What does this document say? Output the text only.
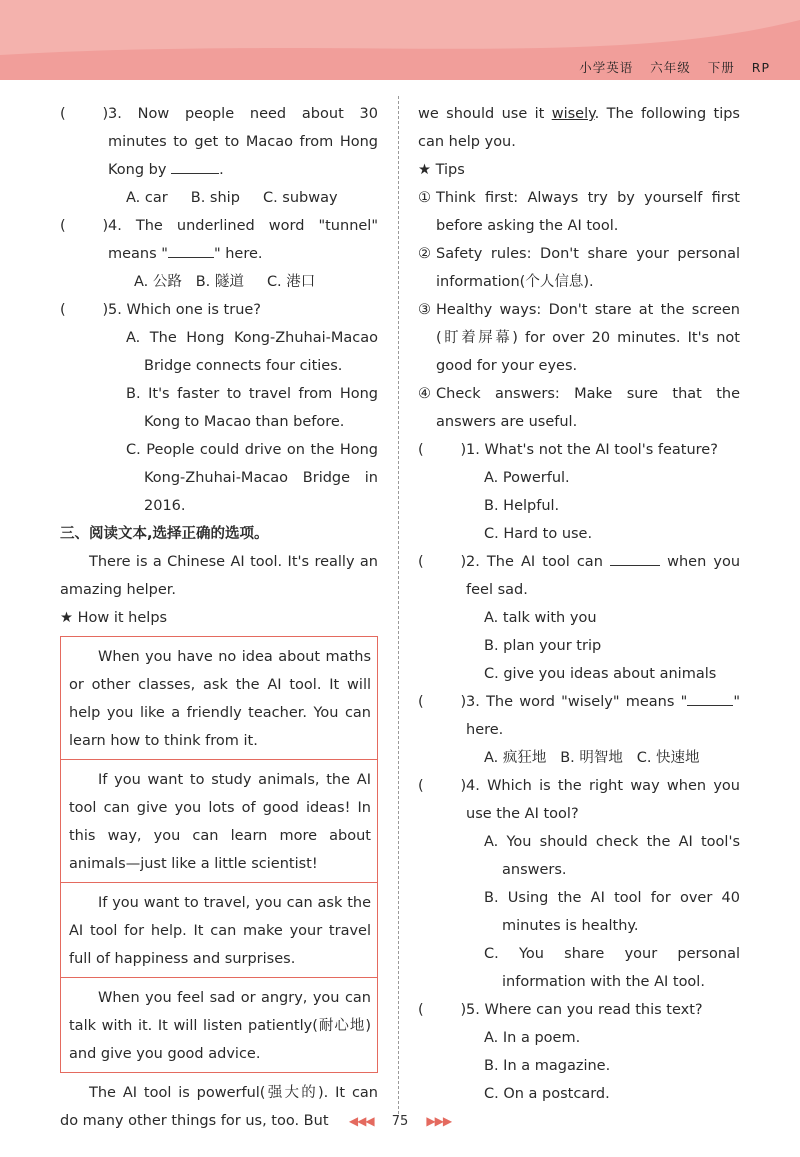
小学英语 六年级 下册 RP
(        ) 3. Now people need about 30 minutes to get to Macao from Hong Kong by	.
A. car B. ship C. subway
(        ) 4. The underlined word "tunnel" means "	" here.
A. 公路 B. 隧道 C. 港口
(        ) 5. Which one is true?
A. The Hong Kong-Zhuhai-Macao Bridge connects four cities.
B. It's faster to travel from Hong Kong to Macao than before.
C. People could drive on the Hong Kong-Zhuhai-Macao Bridge in 2016.
三、阅读文本,选择正确的选项。
There is a Chinese AI tool. It's really an amazing helper.
★ How it helps
When you have no idea about maths or other classes, ask the AI tool. It will help you like a friendly teacher. You can learn how to think from it.
If you want to study animals, the AI tool can give you lots of good ideas! In this way, you can learn more about animals—just like a little scientist!
If you want to travel, you can ask the AI tool for help. It can make your travel full of happiness and surprises.
When you feel sad or angry, you can talk with it. It will listen patiently(耐心地) and give you good advice.
The AI tool is powerful(强大的). It can do many other things for us, too. But
we should use it wisely. The following tips can help you.
★ Tips
① Think first: Always try by yourself first before asking the AI tool.
② Safety rules: Don't share your personal information(个人信息).
③ Healthy ways: Don't stare at the screen (盯着屏幕) for over 20 minutes. It's not good for your eyes.
④ Check answers: Make sure that the answers are useful.
(        ) 1. What's not the AI tool's feature?
A. Powerful.
B. Helpful.
C. Hard to use.
(        ) 2. The AI tool can	when you feel sad.
A. talk with you
B. plan your trip
C. give you ideas about animals
(        ) 3. The word "wisely" means "	" here.
A. 疯狂地 B. 明智地 C. 快速地
(        ) 4. Which is the right way when you use the AI tool?
A. You should check the AI tool's answers.
B. Using the AI tool for over 40 minutes is healthy.
C. You share your personal information with the AI tool.
(        ) 5. Where can you read this text?
A. In a poem.
B. In a magazine.
C. On a postcard.
◀◀◀ 75 ▶▶▶
